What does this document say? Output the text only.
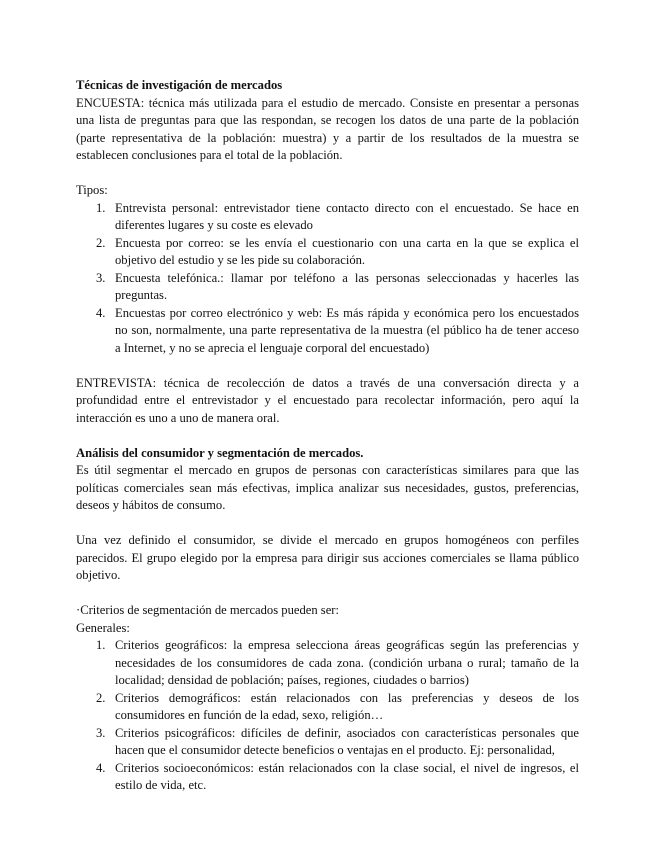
Técnicas de investigación de mercados

ENCUESTA: técnica más utilizada para el estudio de mercado. Consiste en presentar a personas una lista de preguntas para que las respondan, se recogen los datos de una parte de la población (parte representativa de la población: muestra) y a partir de los resultados de la muestra se establecen conclusiones para el total de la población.

Tipos:

1. Entrevista personal: entrevistador tiene contacto directo con el encuestado. Se hace en diferentes lugares y su coste es elevado
2. Encuesta por correo: se les envía el cuestionario con una carta en la que se explica el objetivo del estudio y se les pide su colaboración.
3. Encuesta telefónica.: llamar por teléfono a las personas seleccionadas y hacerles las preguntas.
4. Encuestas por correo electrónico y web: Es más rápida y económica pero los encuestados no son, normalmente, una parte representativa de la muestra (el público ha de tener acceso a Internet, y no se aprecia el lenguaje corporal del encuestado)

ENTREVISTA: técnica de recolección de datos a través de una conversación directa y a profundidad entre el entrevistador y el encuestado para recolectar información, pero aquí la interacción es uno a uno de manera oral.

Análisis del consumidor y segmentación de mercados.

Es útil segmentar el mercado en grupos de personas con características similares para que las políticas comerciales sean más efectivas, implica analizar sus necesidades, gustos, preferencias, deseos y hábitos de consumo.

Una vez definido el consumidor, se divide el mercado en grupos homogéneos con perfiles parecidos. El grupo elegido por la empresa para dirigir sus acciones comerciales se llama público objetivo.

·Criterios de segmentación de mercados pueden ser:

Generales:

1. Criterios geográficos: la empresa selecciona áreas geográficas según las preferencias y necesidades de los consumidores de cada zona. (condición urbana o rural; tamaño de la localidad; densidad de población; países, regiones, ciudades o barrios)
2. Criterios demográficos: están relacionados con las preferencias y deseos de los consumidores en función de la edad, sexo, religión…
3. Criterios psicográficos: difíciles de definir, asociados con características personales que hacen que el consumidor detecte beneficios o ventajas en el producto. Ej: personalidad,
4. Criterios socioeconómicos: están relacionados con la clase social, el nivel de ingresos, el estilo de vida, etc.
